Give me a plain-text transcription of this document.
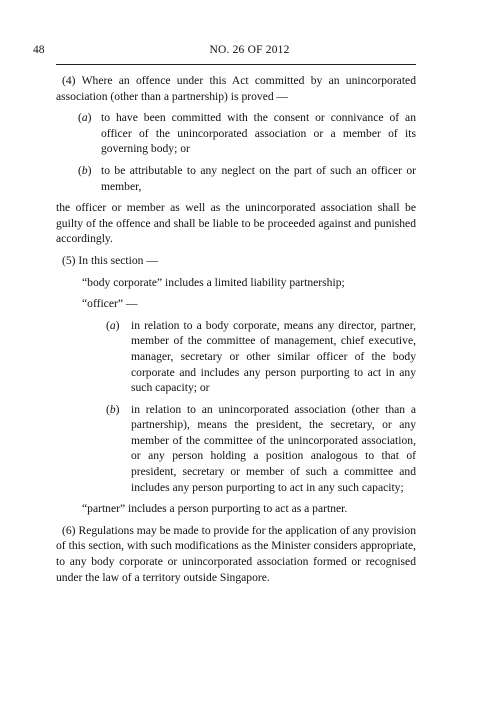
48	NO. 26 OF 2012

(4) Where an offence under this Act committed by an unincorporated association (other than a partnership) is proved —

(a) to have been committed with the consent or connivance of an officer of the unincorporated association or a member of its governing body; or
(b) to be attributable to any neglect on the part of such an officer or member,

the officer or member as well as the unincorporated association shall be guilty of the offence and shall be liable to be proceeded against and punished accordingly.

(5) In this section —

“body corporate” includes a limited liability partnership;

“officer” —

(a) in relation to a body corporate, means any director, partner, member of the committee of management, chief executive, manager, secretary or other similar officer of the body corporate and includes any person purporting to act in any such capacity; or
(b) in relation to an unincorporated association (other than a partnership), means the president, the secretary, or any member of the committee of the unincorporated association, or any person holding a position analogous to that of president, secretary or member of such a committee and includes any person purporting to act in any such capacity;

“partner” includes a person purporting to act as a partner.

(6) Regulations may be made to provide for the application of any provision of this section, with such modifications as the Minister considers appropriate, to any body corporate or unincorporated association formed or recognised under the law of a territory outside Singapore.
